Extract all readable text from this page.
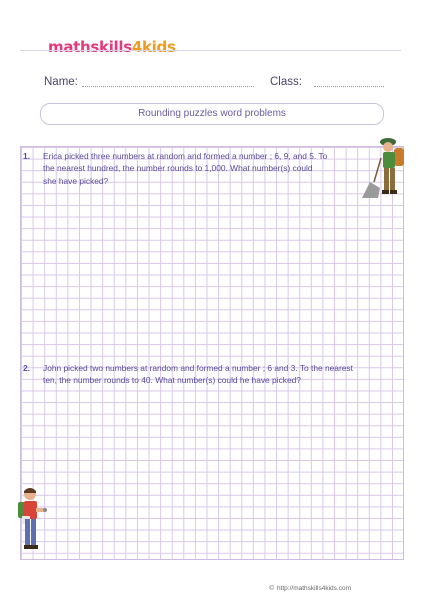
mathskills4kids
Name:	Class:
Rounding puzzles word problems
1. Erica picked three numbers at random and formed a number ; 6, 9, and 5. To
the nearest hundred, the number rounds to 1,000. What number(s) could
she have picked?
2. John picked two numbers at random and formed a number ; 6 and 3. To the nearest
ten, the number rounds to 40. What number(s) could he have picked?
© http://mathskills4kids.com
